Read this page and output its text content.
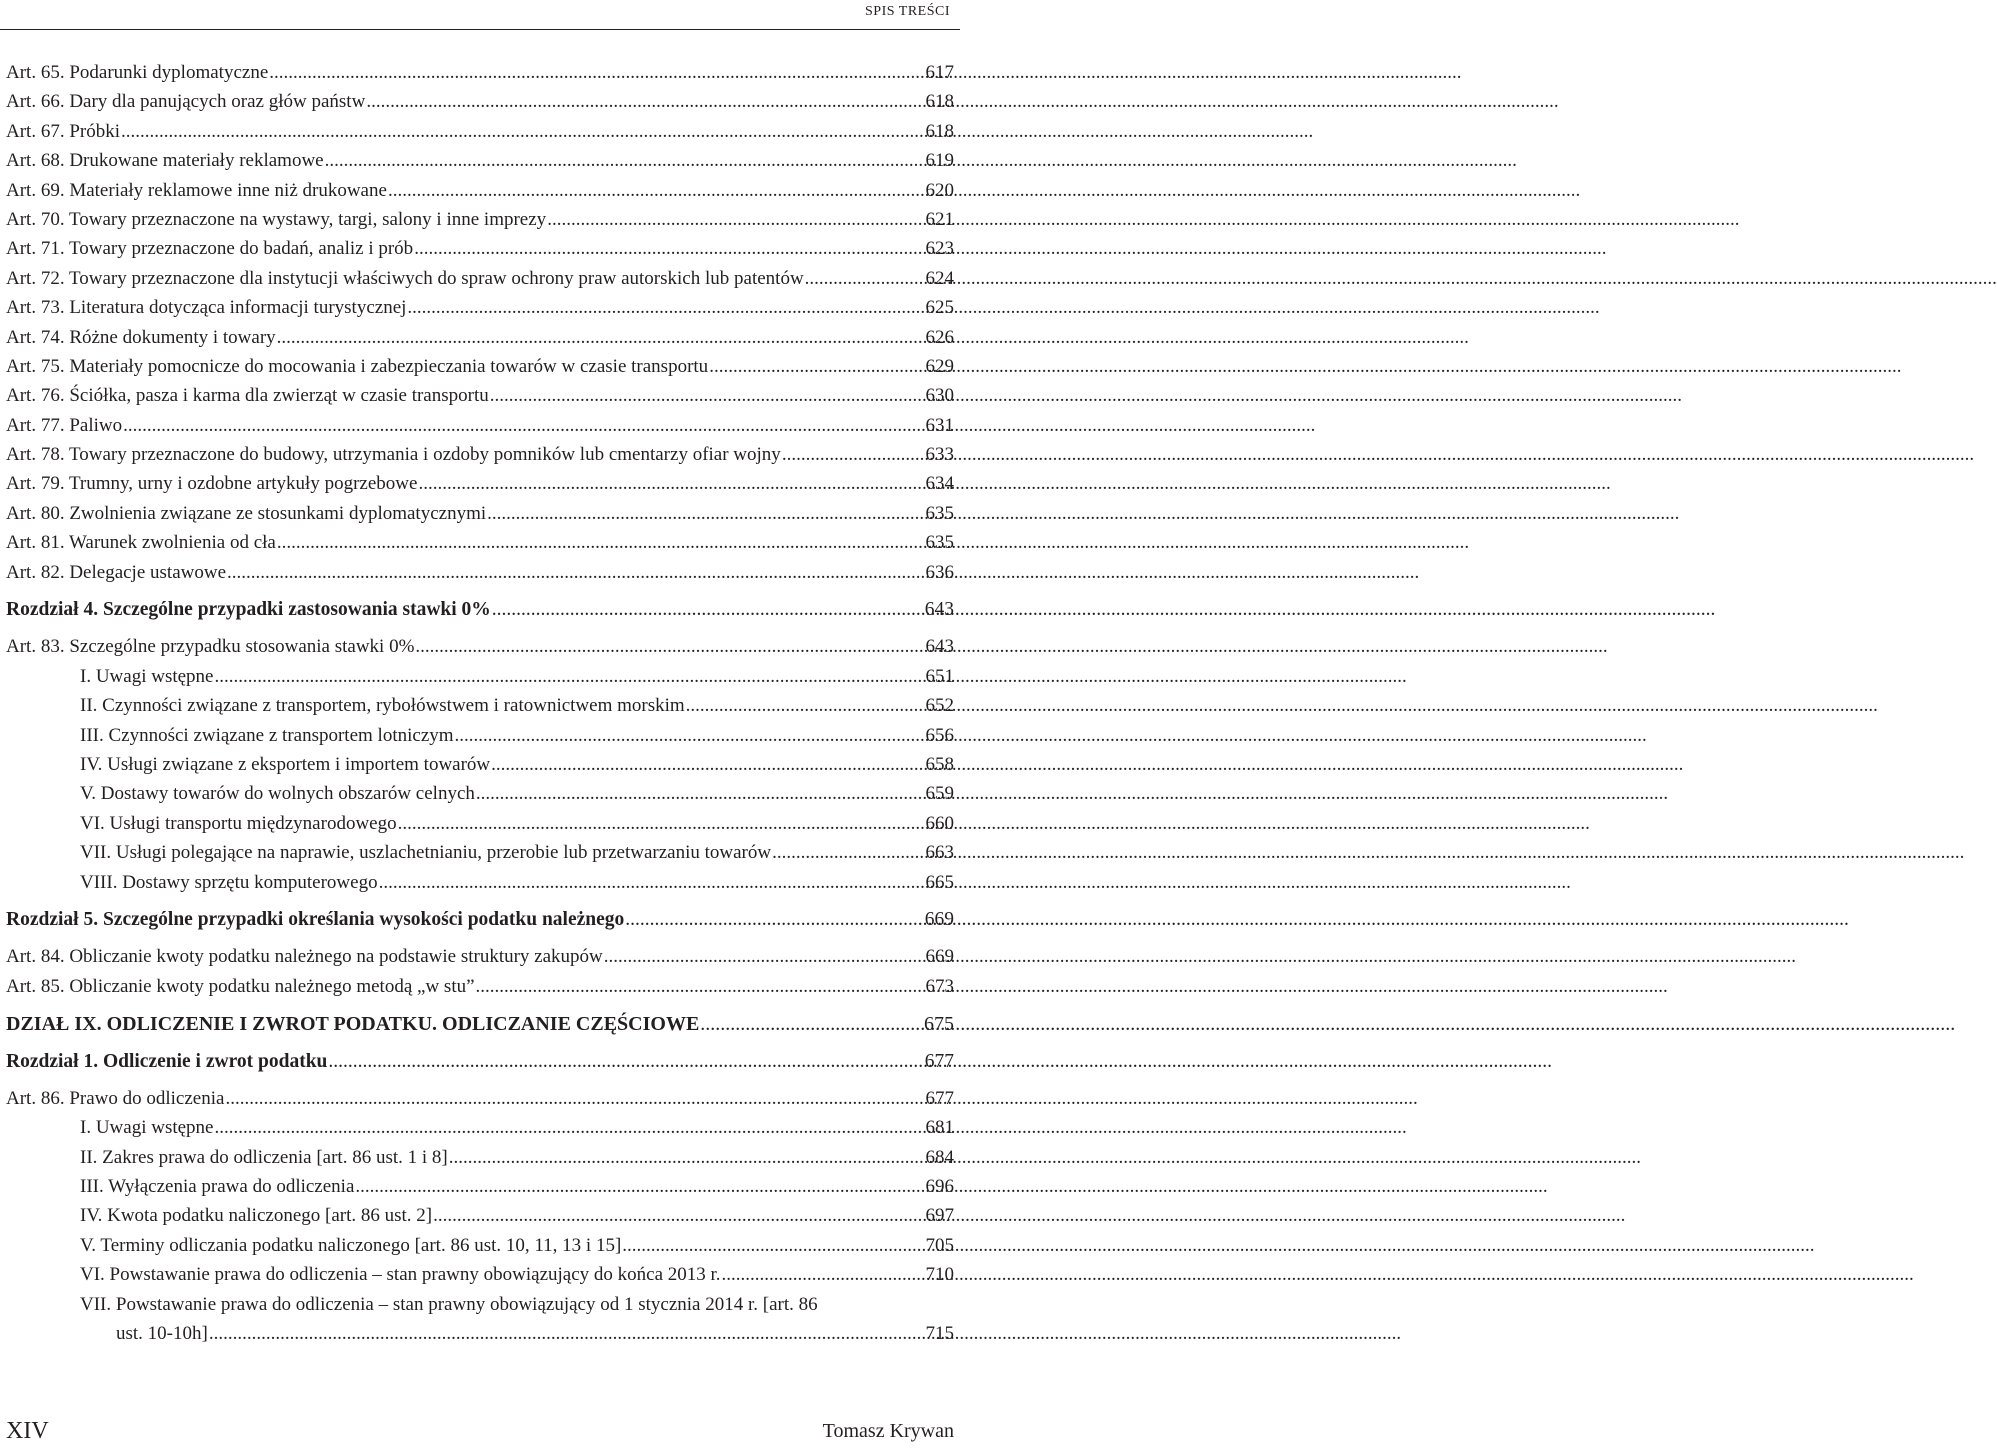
SPIS TREŚCI
Art. 65. Podarunki dyplomatyczne .....	617
Art. 66. Dary dla panujących oraz głów państw .....	618
Art. 67. Próbki .....	618
Art. 68. Drukowane materiały reklamowe .....	619
Art. 69. Materiały reklamowe inne niż drukowane .....	620
Art. 70. Towary przeznaczone na wystawy, targi, salony i inne imprezy .....	621
Art. 71. Towary przeznaczone do badań, analiz i prób .....	623
Art. 72. Towary przeznaczone dla instytucji właściwych do spraw ochrony praw autorskich lub patentów .....	624
Art. 73. Literatura dotycząca informacji turystycznej .....	625
Art. 74. Różne dokumenty i towary .....	626
Art. 75. Materiały pomocnicze do mocowania i zabezpieczania towarów w czasie transportu .....	629
Art. 76. Ściółka, pasza i karma dla zwierząt w czasie transportu .....	630
Art. 77. Paliwo .....	631
Art. 78. Towary przeznaczone do budowy, utrzymania i ozdoby pomników lub cmentarzy ofiar wojny .....	633
Art. 79. Trumny, urny i ozdobne artykuły pogrzebowe .....	634
Art. 80. Zwolnienia związane ze stosunkami dyplomatycznymi .....	635
Art. 81. Warunek zwolnienia od cła .....	635
Art. 82. Delegacje ustawowe .....	636
Rozdział 4. Szczególne przypadki zastosowania stawki 0% .....	643
Art. 83. Szczególne przypadku stosowania stawki 0% .....	643
I. Uwagi wstępne .....	651
II. Czynności związane z transportem, rybołówstwem i ratownictwem morskim .....	652
III. Czynności związane z transportem lotniczym .....	656
IV. Usługi związane z eksportem i importem towarów .....	658
V. Dostawy towarów do wolnych obszarów celnych .....	659
VI. Usługi transportu międzynarodowego .....	660
VII. Usługi polegające na naprawie, uszlachetnianiu, przerobie lub przetwarzaniu towarów .....	663
VIII. Dostawy sprzętu komputerowego .....	665
Rozdział 5. Szczególne przypadki określania wysokości podatku należnego .....	669
Art. 84. Obliczanie kwoty podatku należnego na podstawie struktury zakupów .....	669
Art. 85. Obliczanie kwoty podatku należnego metodą „w stu” .....	673
DZIAŁ IX. ODLICZENIE I ZWROT PODATKU. ODLICZANIE CZĘŚCIOWE .....	675
Rozdział 1. Odliczenie i zwrot podatku .....	677
Art. 86. Prawo do odliczenia .....	677
I. Uwagi wstępne .....	681
II. Zakres prawa do odliczenia [art. 86 ust. 1 i 8] .....	684
III. Wyłączenia prawa do odliczenia .....	696
IV. Kwota podatku naliczonego [art. 86 ust. 2] .....	697
V. Terminy odliczania podatku naliczonego [art. 86 ust. 10, 11, 13 i 15] .....	705
VI. Powstawanie prawa do odliczenia – stan prawny obowiązujący do końca 2013 r. .....	710
VII. Powstawanie prawa do odliczenia – stan prawny obowiązujący od 1 stycznia 2014 r. [art. 86
ust. 10-10h] .....	715
XIV	Tomasz Krywan
